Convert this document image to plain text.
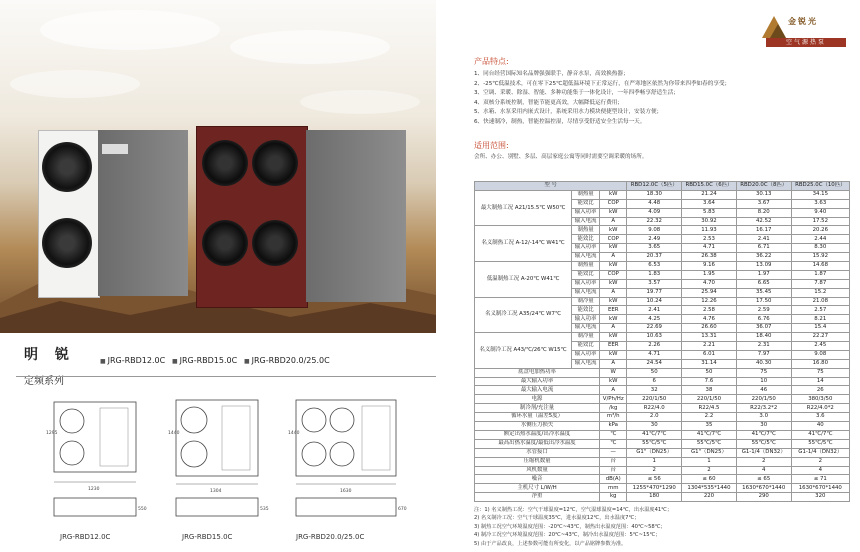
金锐光
空气源热泵
明 锐
定频系列
■ JRG-RBD12.0C	■ JRG-RBD15.0C	■ JRG-RBD20.0/25.0C
1295
1230
550
1440
1304
535
1440
1630
670
JRG-RBD12.0C	JRG-RBD15.0C	JRG-RBD20.0/25.0C
产品特点:
1、同台经营国际知名品牌强强联手，静音水泵，高效换热器；
2、-25℃低温技术，可在零下25℃超低温环境下正常运行，在严寒地区依然为你带来四季如春的享受；
3、空调、采暖、除湿、智能、多种功能集于一体化设计，一年四季畅享舒适生活；
4、双核分系统控制，智能节能更高效，大幅降低运行费用；
5、水箱、水泵采用内嵌式设计，系统采用水力模块便捷型设计，安装方便；
6、快速制冷，制热，智能控温控湿，尽情享受舒适安全生活每一天。
适用范围:
会所、办公、别墅、多层、高层家庭公寓等同时需要空调采暖的场所。
型 号			RBD12.0C（5匹）	RBD15.0C（6匹）	RBD20.0C（8匹）	RBD25.0C（10匹）
最大制热工况 A21/15.5℃ W50℃	制热量	kW	18.30	21.24	30.13	34.15
	能效比	COP	4.48	3.64	3.67	3.63
	输入功率	kW	4.09	5.83	8.20	9.40
	输入电流	A	22.32	30.92	42.52	17.52
名义制热工况 A-12/-14℃ W41℃	制热量	kW	9.08	11.93	16.17	20.26
	能效比	COP	2.49	2.53	2.41	2.44
	输入功率	kW	3.65	4.71	6.71	8.30
	输入电流	A	20.37	26.38	36.22	15.92
低温制热工况 A-20℃ W41℃	制热量	kW	6.53	9.16	13.09	14.68
	能效比	COP	1.83	1.95	1.97	1.87
	输入功率	kW	3.57	4.70	6.65	7.87
	输入电流	A	19.77	25.94	35.45	15.2
名义制冷工况 A35/24℃ W7℃	制冷量	kW	10.24	12.26	17.50	21.08
	能效比	EER	2.41	2.58	2.59	2.57
	输入功率	kW	4.25	4.76	6.76	8.21
	输入电流	A	22.69	26.60	36.07	15.4
名义制冷工况 A43/℃/26℃ W15℃	制冷量	kW	10.63	13.31	18.40	22.27
	能效比	EER	2.26	2.21	2.31	2.45
	输入功率	kW	4.71	6.01	7.97	9.08
	输入电流	A	24.54	31.14	40.30	16.80
底盘电加热功率		W	50	50	75	75
最大输入功率		kW	6	7.6	10	14
最大输入电流		A	32	38	46	26
电源		V/Ph/Hz	220/1/50	220/1/50	220/1/50	380/3/50
制冷剂/充注量		/kg	R22/4.0	R22/4.5	R22/3.2*2	R22/4.0*2
循环水量（温差5度）		m³/h	2.0	2.2	3.0	3.6
水侧压力损失		kPa	30	35	30	40
额定出热水温度/出冷水温度		℃	41℃/7℃	41℃/7℃	41℃/7℃	41℃/7℃
最高出热水温度/最低出冷水温度		℃	55℃/5℃	55℃/5℃	55℃/5℃	55℃/5℃
水管接口		—	G1"（DN25）	G1"（DN25）	G1-1/4（DN32）	G1-1/4（DN32）
压缩机数量		台	1	1	2	2
风机数量		台	2	2	4	4
噪音		dB(A)	≤ 56	≤ 60	≤ 65	≤ 71
主机尺寸 L/W/H		mm	1255*470*1290	1304*535*1440	1630*670*1440	1630*670*1440
净重		kg	180	220	290	320
注：1) 名义制热工况：空气干球温度=12℃，空气湿球温度=14℃，出水温度41℃；
2) 名义制冷工况：空气干球温度35℃，进水温度12℃，出水温度7℃；
3) 制热工况空气环境温度范围：-20℃~43℃，制热出水温度范围：40℃~58℃；
4) 制冷工况空气环境温度范围：20℃~43℃，制冷出水温度范围：5℃~15℃；
5) 由于产品改良，上述参数可能有所变化，以产品铭牌参数为准。
